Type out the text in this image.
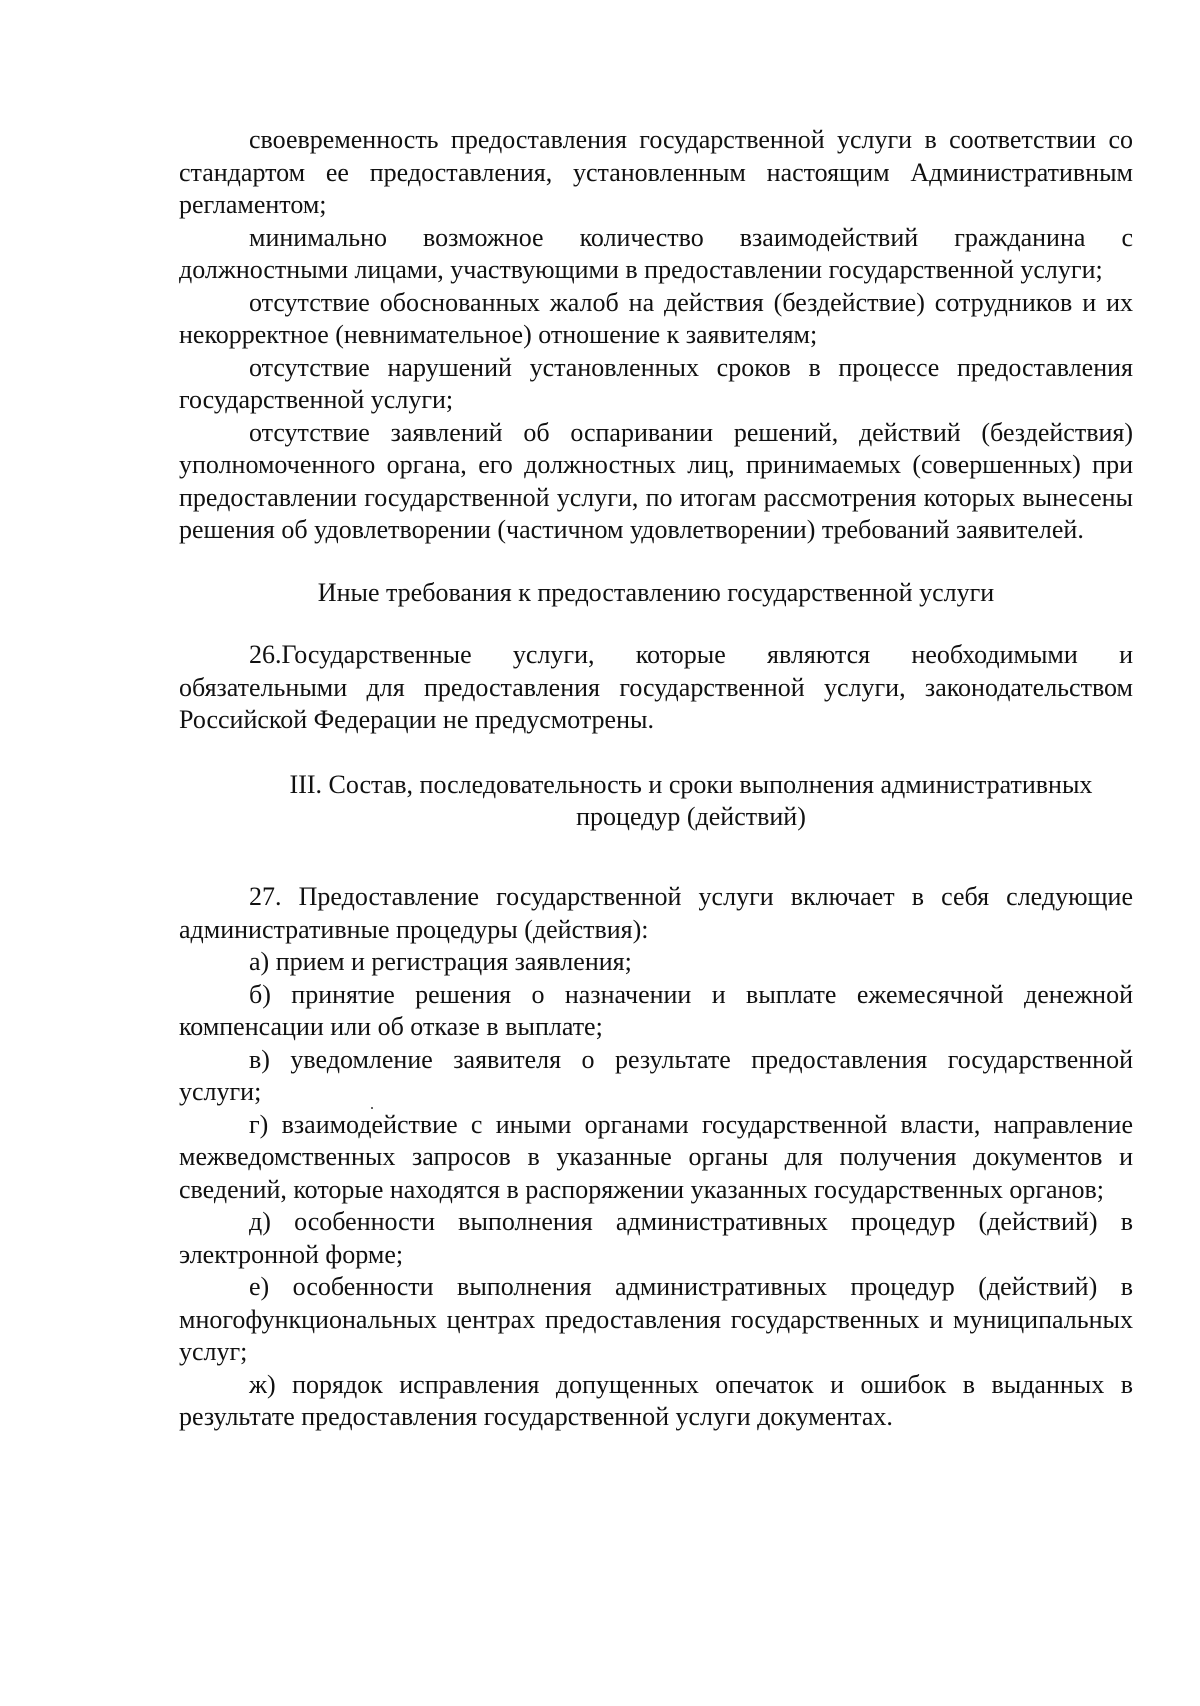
своевременность предоставления государственной услуги в соответствии со стандартом ее предоставления, установленным настоящим Административным регламентом;

минимально возможное количество взаимодействий гражданина с должностными лицами, участвующими в предоставлении государственной услуги;

отсутствие обоснованных жалоб на действия (бездействие) сотрудников и их некорректное (невнимательное) отношение к заявителям;

отсутствие нарушений установленных сроков в процессе предоставления государственной услуги;

отсутствие заявлений об оспаривании решений, действий (бездействия) уполномоченного органа, его должностных лиц, принимаемых (совершенных) при предоставлении государственной услуги, по итогам рассмотрения которых вынесены решения об удовлетворении (частичном удовлетворении) требований заявителей.

Иные требования к предоставлению государственной услуги

26.Государственные услуги, которые являются необходимыми и обязательными для предоставления государственной услуги, законодательством Российской Федерации не предусмотрены.

III. Состав, последовательность и сроки выполнения административных процедур (действий)

27. Предоставление государственной услуги включает в себя следующие административные процедуры (действия):

а) прием и регистрация заявления;

б) принятие решения о назначении и выплате ежемесячной денежной компенсации или об отказе в выплате;

в) уведомление заявителя о результате предоставления государственной услуги;

г) взаимодействие с иными органами государственной власти, направление межведомственных запросов в указанные органы для получения документов и сведений, которые находятся в распоряжении указанных государственных органов;

д) особенности выполнения административных процедур (действий) в электронной форме;

е) особенности выполнения административных процедур (действий) в многофункциональных центрах предоставления государственных и муниципальных услуг;

ж) порядок исправления допущенных опечаток и ошибок в выданных в результате предоставления государственной услуги документах.
